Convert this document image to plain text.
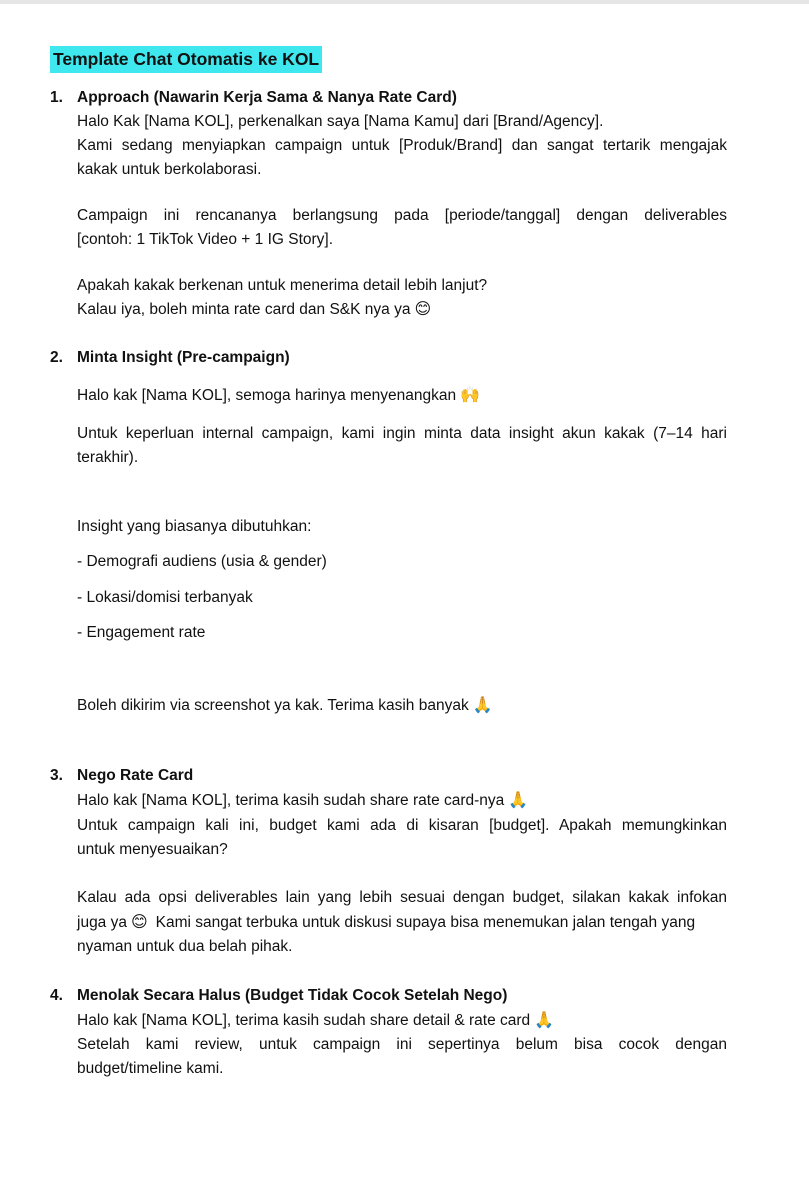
Template Chat Otomatis ke KOL
1. Approach (Nawarin Kerja Sama & Nanya Rate Card)
Halo Kak [Nama KOL], perkenalkan saya [Nama Kamu] dari [Brand/Agency].
Kami sedang menyiapkan campaign untuk [Produk/Brand] dan sangat tertarik mengajak
kakak untuk berkolaborasi.
Campaign ini rencananya berlangsung pada [periode/tanggal] dengan deliverables
[contoh: 1 TikTok Video + 1 IG Story].
Apakah kakak berkenan untuk menerima detail lebih lanjut?
Kalau iya, boleh minta rate card dan S&K nya ya 😊
2. Minta Insight (Pre-campaign)
Halo kak [Nama KOL], semoga harinya menyenangkan 🙌
Untuk keperluan internal campaign, kami ingin minta data insight akun kakak (7–14 hari
terakhir).
Insight yang biasanya dibutuhkan:
- Demografi audiens (usia & gender)
- Lokasi/domisi terbanyak
- Engagement rate
Boleh dikirim via screenshot ya kak. Terima kasih banyak 🙏
3. Nego Rate Card
Halo kak [Nama KOL], terima kasih sudah share rate card-nya 🙏
Untuk campaign kali ini, budget kami ada di kisaran [budget]. Apakah memungkinkan
untuk menyesuaikan?
Kalau ada opsi deliverables lain yang lebih sesuai dengan budget, silakan kakak infokan
juga ya 😊 Kami sangat terbuka untuk diskusi supaya bisa menemukan jalan tengah yang
nyaman untuk dua belah pihak.
4. Menolak Secara Halus (Budget Tidak Cocok Setelah Nego)
Halo kak [Nama KOL], terima kasih sudah share detail & rate card 🙏
Setelah kami review, untuk campaign ini sepertinya belum bisa cocok dengan
budget/timeline kami.
